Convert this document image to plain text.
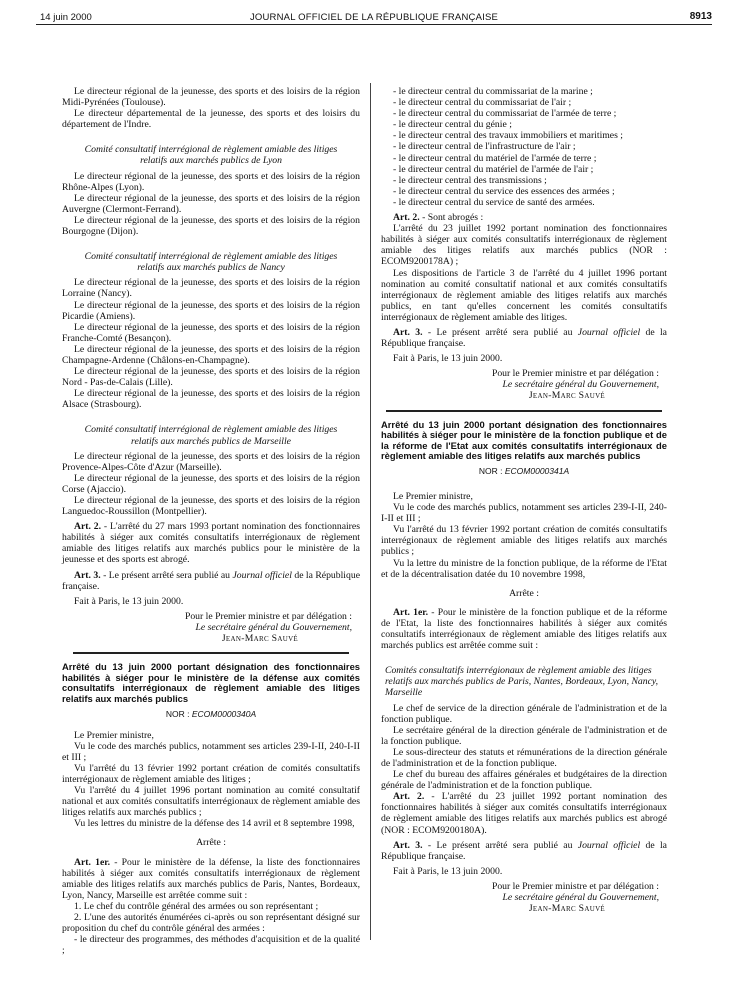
14 juin 2000	JOURNAL OFFICIEL DE LA RÉPUBLIQUE FRANÇAISE	8913

Le directeur régional de la jeunesse, des sports et des loisirs de la région Midi-Pyrénées (Toulouse).

Le directeur départemental de la jeunesse, des sports et des loisirs du département de l'Indre.

Comité consultatif interrégional de règlement amiable des litiges relatifs aux marchés publics de Lyon

Le directeur régional de la jeunesse, des sports et des loisirs de la région Rhône-Alpes (Lyon).

Le directeur régional de la jeunesse, des sports et des loisirs de la région Auvergne (Clermont-Ferrand).

Le directeur régional de la jeunesse, des sports et des loisirs de la région Bourgogne (Dijon).

Comité consultatif interrégional de règlement amiable des litiges relatifs aux marchés publics de Nancy

Le directeur régional de la jeunesse, des sports et des loisirs de la région Lorraine (Nancy).

Le directeur régional de la jeunesse, des sports et des loisirs de la région Picardie (Amiens).

Le directeur régional de la jeunesse, des sports et des loisirs de la région Franche-Comté (Besançon).

Le directeur régional de la jeunesse, des sports et des loisirs de la région Champagne-Ardenne (Châlons-en-Champagne).

Le directeur régional de la jeunesse, des sports et des loisirs de la région Nord - Pas-de-Calais (Lille).

Le directeur régional de la jeunesse, des sports et des loisirs de la région Alsace (Strasbourg).

Comité consultatif interrégional de règlement amiable des litiges relatifs aux marchés publics de Marseille

Le directeur régional de la jeunesse, des sports et des loisirs de la région Provence-Alpes-Côte d'Azur (Marseille).

Le directeur régional de la jeunesse, des sports et des loisirs de la région Corse (Ajaccio).

Le directeur régional de la jeunesse, des sports et des loisirs de la région Languedoc-Roussillon (Montpellier).

Art. 2. - L'arrêté du 27 mars 1993 portant nomination des fonctionnaires habilités à siéger aux comités consultatifs interrégionaux de règlement amiable des litiges relatifs aux marchés publics pour le ministère de la jeunesse et des sports est abrogé.

Art. 3. - Le présent arrêté sera publié au Journal officiel de la République française.

Fait à Paris, le 13 juin 2000.

Pour le Premier ministre et par délégation :

Le secrétaire général du Gouvernement,

Jean-Marc Sauvé

Arrêté du 13 juin 2000 portant désignation des fonctionnaires habilités à siéger pour le ministère de la défense aux comités consultatifs interrégionaux de règlement amiable des litiges relatifs aux marchés publics

NOR : ECOM0000340A

Le Premier ministre,

Vu le code des marchés publics, notamment ses articles 239-I-II, 240-I-II et III ;

Vu l'arrêté du 13 février 1992 portant création de comités consultatifs interrégionaux de règlement amiable des litiges ;

Vu l'arrêté du 4 juillet 1996 portant nomination au comité consultatif national et aux comités consultatifs interrégionaux de règlement amiable des litiges relatifs aux marchés publics ;

Vu les lettres du ministre de la défense des 14 avril et 8 septembre 1998,

Arrête :

Art. 1er. - Pour le ministère de la défense, la liste des fonctionnaires habilités à siéger aux comités consultatifs interrégionaux de règlement amiable des litiges relatifs aux marchés publics de Paris, Nantes, Bordeaux, Lyon, Nancy, Marseille est arrêtée comme suit :

1. Le chef du contrôle général des armées ou son représentant ;

2. L'une des autorités énumérées ci-après ou son représentant désigné sur proposition du chef du contrôle général des armées :

- le directeur des programmes, des méthodes d'acquisition et de la qualité ;

- le directeur central du commissariat de la marine ;

- le directeur central du commissariat de l'air ;

- le directeur central du commissariat de l'armée de terre ;

- le directeur central du génie ;

- le directeur central des travaux immobiliers et maritimes ;

- le directeur central de l'infrastructure de l'air ;

- le directeur central du matériel de l'armée de terre ;

- le directeur central du matériel de l'armée de l'air ;

- le directeur central des transmissions ;

- le directeur central du service des essences des armées ;

- le directeur central du service de santé des armées.

Art. 2. - Sont abrogés :

L'arrêté du 23 juillet 1992 portant nomination des fonctionnaires habilités à siéger aux comités consultatifs interrégionaux de règlement amiable des litiges relatifs aux marchés publics (NOR : ECOM9200178A) ;

Les dispositions de l'article 3 de l'arrêté du 4 juillet 1996 portant nomination au comité consultatif national et aux comités consultatifs interrégionaux de règlement amiable des litiges relatifs aux marchés publics, en tant qu'elles concernent les comités consultatifs interrégionaux de règlement amiable des litiges.

Art. 3. - Le présent arrêté sera publié au Journal officiel de la République française.

Fait à Paris, le 13 juin 2000.

Pour le Premier ministre et par délégation :

Le secrétaire général du Gouvernement,

Jean-Marc Sauvé

Arrêté du 13 juin 2000 portant désignation des fonctionnaires habilités à siéger pour le ministère de la fonction publique et de la réforme de l'Etat aux comités consultatifs interrégionaux de règlement amiable des litiges relatifs aux marchés publics

NOR : ECOM0000341A

Le Premier ministre,

Vu le code des marchés publics, notamment ses articles 239-I-II, 240-I-II et III ;

Vu l'arrêté du 13 février 1992 portant création de comités consultatifs interrégionaux de règlement amiable des litiges relatifs aux marchés publics ;

Vu la lettre du ministre de la fonction publique, de la réforme de l'Etat et de la décentralisation datée du 10 novembre 1998,

Arrête :

Art. 1er. - Pour le ministère de la fonction publique et de la réforme de l'Etat, la liste des fonctionnaires habilités à siéger aux comités consultatifs interrégionaux de règlement amiable des litiges relatifs aux marchés publics est arrêtée comme suit :

Comités consultatifs interrégionaux de règlement amiable des litiges relatifs aux marchés publics de Paris, Nantes, Bordeaux, Lyon, Nancy, Marseille

Le chef de service de la direction générale de l'administration et de la fonction publique.

Le secrétaire général de la direction générale de l'administration et de la fonction publique.

Le sous-directeur des statuts et rémunérations de la direction générale de l'administration et de la fonction publique.

Le chef du bureau des affaires générales et budgétaires de la direction générale de l'administration et de la fonction publique.

Art. 2. - L'arrêté du 23 juillet 1992 portant nomination des fonctionnaires habilités à siéger aux comités consultatifs interrégionaux de règlement amiable des litiges relatifs aux marchés publics est abrogé (NOR : ECOM9200180A).

Art. 3. - Le présent arrêté sera publié au Journal officiel de la République française.

Fait à Paris, le 13 juin 2000.

Pour le Premier ministre et par délégation :

Le secrétaire général du Gouvernement,

Jean-Marc Sauvé
